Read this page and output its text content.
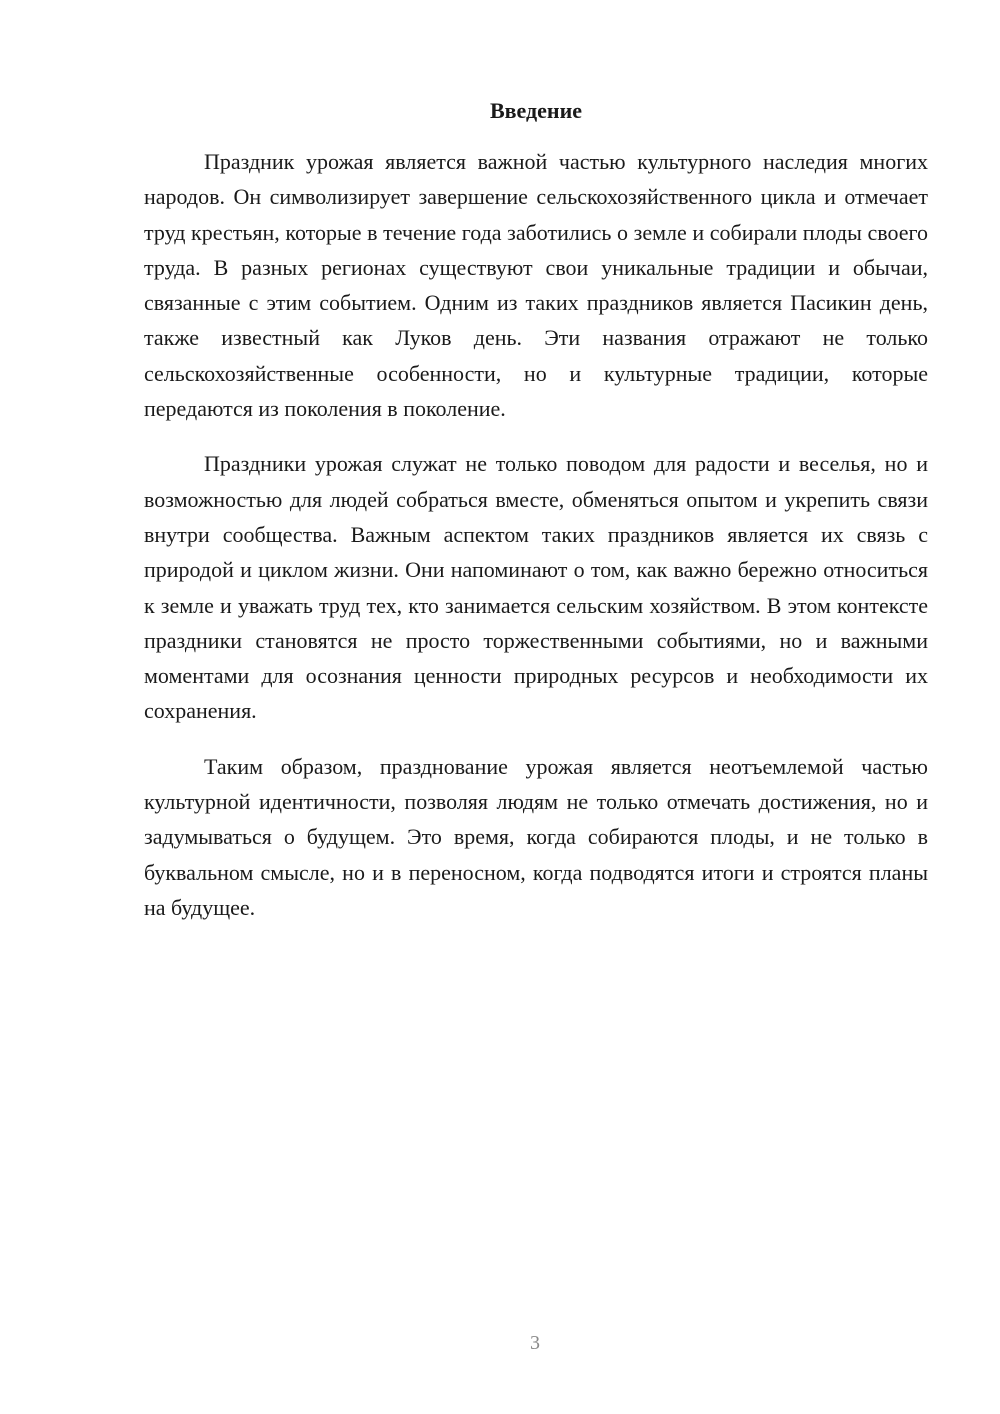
Введение

Праздник урожая является важной частью культурного наследия многих народов. Он символизирует завершение сельскохозяйственного цикла и отмечает труд крестьян, которые в течение года заботились о земле и собирали плоды своего труда. В разных регионах существуют свои уникальные традиции и обычаи, связанные с этим событием. Одним из таких праздников является Пасикин день, также известный как Луков день. Эти названия отражают не только сельскохозяйственные особенности, но и культурные традиции, которые передаются из поколения в поколение.

Праздники урожая служат не только поводом для радости и веселья, но и возможностью для людей собраться вместе, обменяться опытом и укрепить связи внутри сообщества. Важным аспектом таких праздников является их связь с природой и циклом жизни. Они напоминают о том, как важно бережно относиться к земле и уважать труд тех, кто занимается сельским хозяйством. В этом контексте праздники становятся не просто торжественными событиями, но и важными моментами для осознания ценности природных ресурсов и необходимости их сохранения.

Таким образом, празднование урожая является неотъемлемой частью культурной идентичности, позволяя людям не только отмечать достижения, но и задумываться о будущем. Это время, когда собираются плоды, и не только в буквальном смысле, но и в переносном, когда подводятся итоги и строятся планы на будущее.

3
